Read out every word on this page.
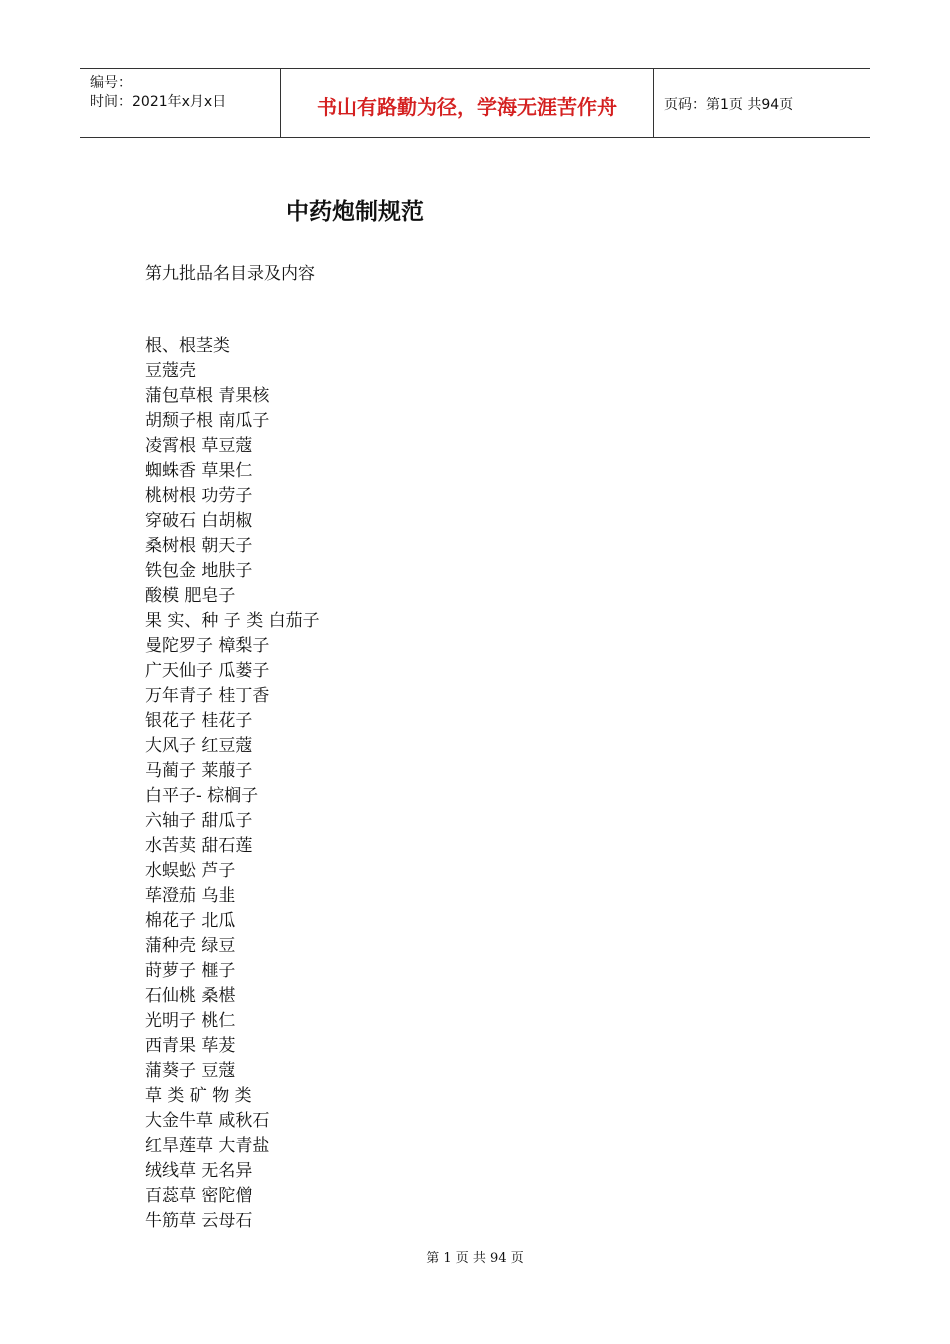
编号：
时间：2021年x月x日	书山有路勤为径，学海无涯苦作舟	页码：第1页 共94页
中药炮制规范
第九批品名目录及内容
根、根茎类
豆蔻壳
蒲包草根 青果核
胡颓子根 南瓜子
凌霄根 草豆蔻
蜘蛛香 草果仁
桃树根 功劳子
穿破石 白胡椒
桑树根 朝天子
铁包金 地肤子
酸模 肥皂子
果 实、种 子 类 白茄子
曼陀罗子 樟梨子
广天仙子 瓜蒌子
万年青子 桂丁香
银花子 桂花子
大风子 红豆蔻
马蔺子 莱菔子
白平子- 棕榈子
六轴子 甜瓜子
水苦荬 甜石莲
水蜈蚣 芦子
荜澄茄 乌韭
棉花子 北瓜
蒲种壳 绿豆
莳萝子 榧子
石仙桃 桑椹
光明子 桃仁
西青果 荜茇
蒲葵子 豆蔻
草 类 矿 物 类
大金牛草 咸秋石
红旱莲草 大青盐
绒线草 无名异
百蕊草 密陀僧
牛筋草 云母石
第 1 页 共 94 页
